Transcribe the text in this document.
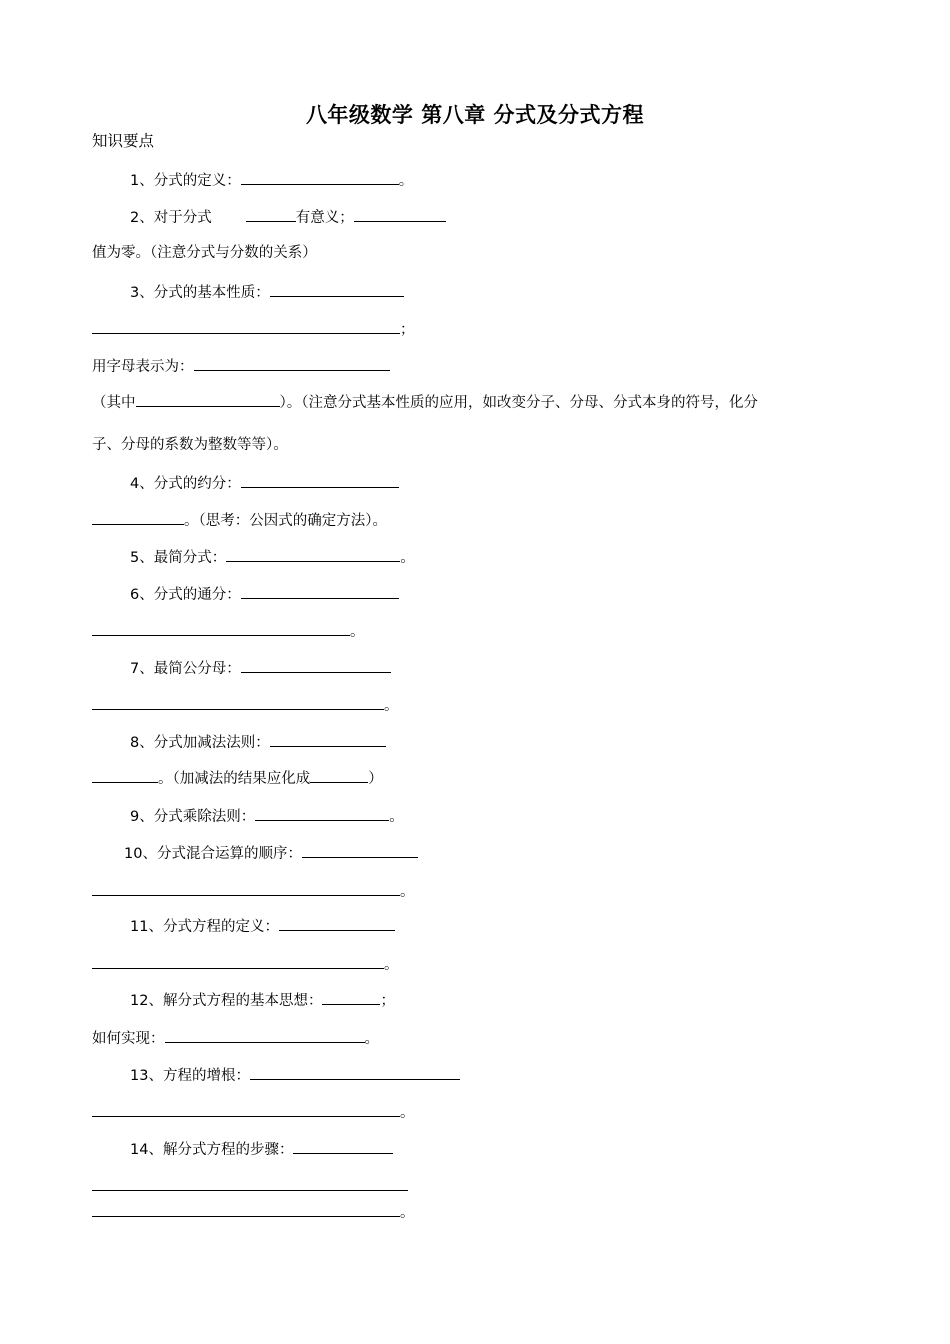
八年级数学 第八章 分式及分式方程
知识要点
1、分式的定义：	。
2、对于分式	有意义；
值为零。（注意分式与分数的关系）
3、分式的基本性质：
；
用字母表示为：
（其中	）。（注意分式基本性质的应用，如改变分子、分母、分式本身的符号，化分
子、分母的系数为整数等等）。
4、分式的约分：
。（思考：公因式的确定方法）。
5、最简分式：	。
6、分式的通分：
。
7、最简公分母：
。
8、分式加减法法则：
。（加减法的结果应化成	）
9、分式乘除法则：	。
10、分式混合运算的顺序：
。
11、分式方程的定义：
。
12、解分式方程的基本思想：	；
如何实现：	。
13、方程的增根：
。
14、解分式方程的步骤：
。
